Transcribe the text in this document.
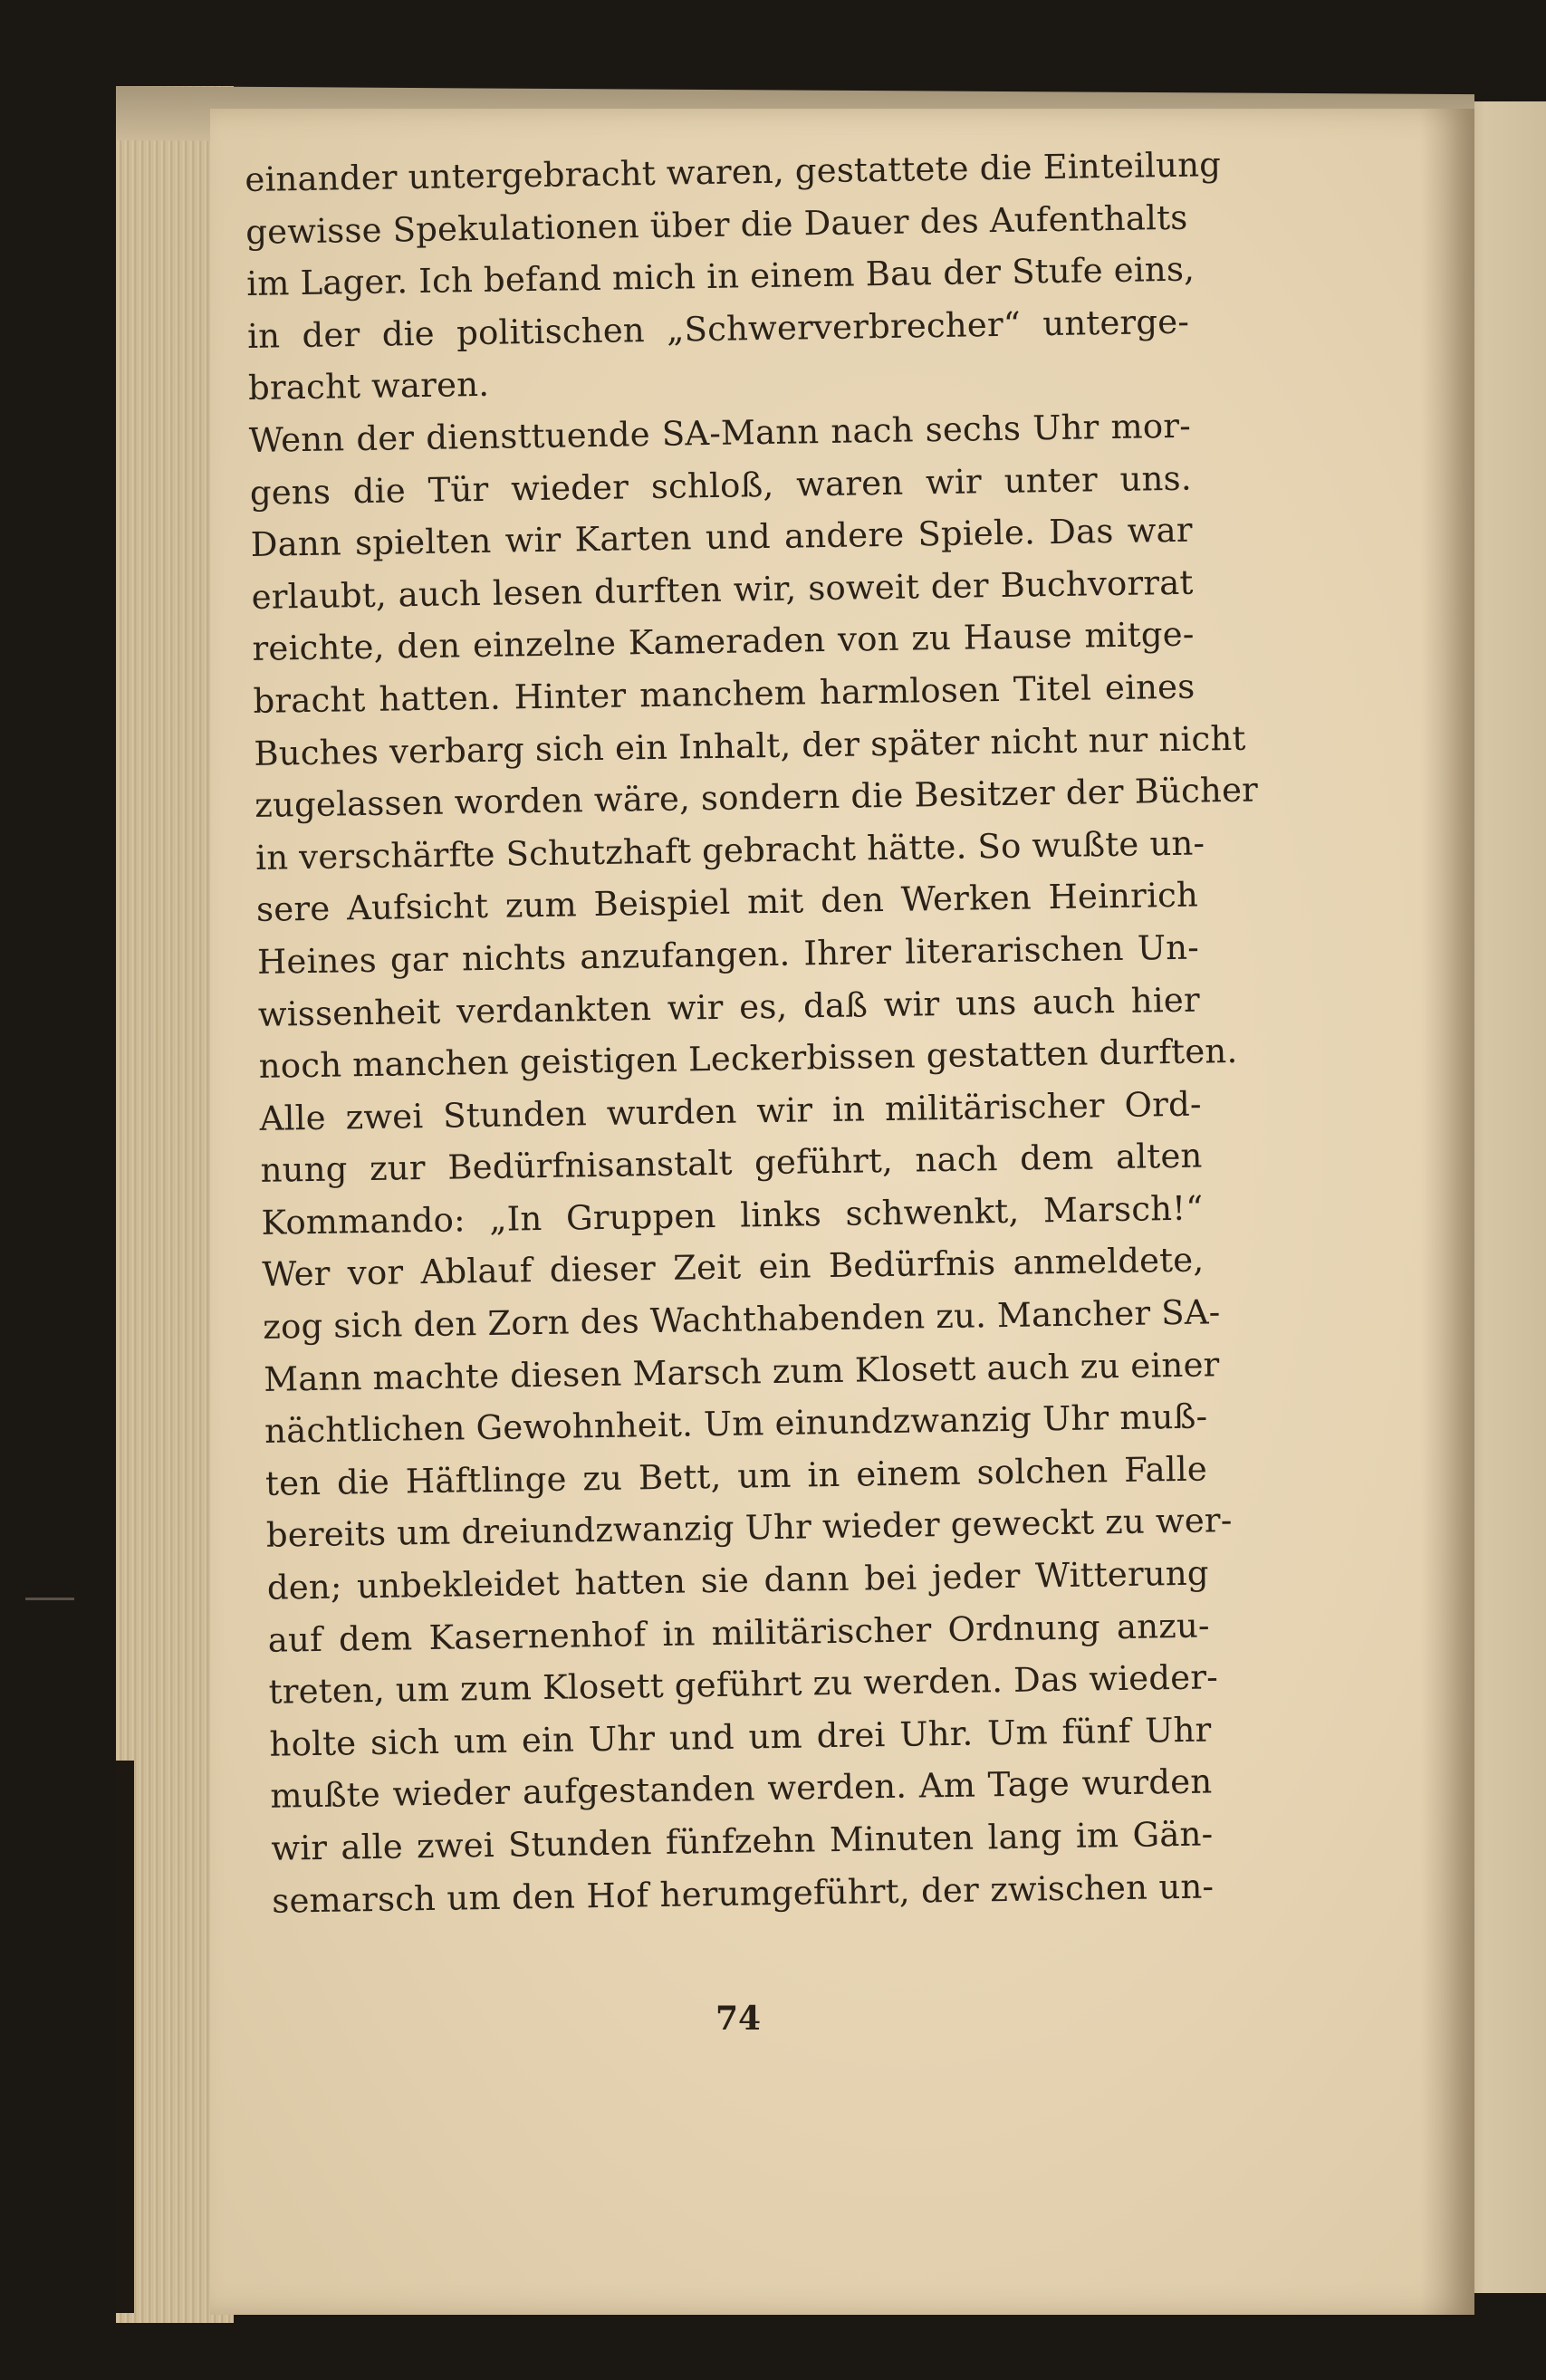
einander untergebracht waren, gestattete die Einteilung
gewisse Spekulationen über die Dauer des Aufenthalts
im Lager. Ich befand mich in einem Bau der Stufe eins,
in der die politischen „Schwerverbrecher“ unterge-
bracht waren.
Wenn der diensttuende SA-Mann nach sechs Uhr mor-
gens die Tür wieder schloß, waren wir unter uns.
Dann spielten wir Karten und andere Spiele. Das war
erlaubt, auch lesen durften wir, soweit der Buchvorrat
reichte, den einzelne Kameraden von zu Hause mitge-
bracht hatten. Hinter manchem harmlosen Titel eines
Buches verbarg sich ein Inhalt, der später nicht nur nicht
zugelassen worden wäre, sondern die Besitzer der Bücher
in verschärfte Schutzhaft gebracht hätte. So wußte un-
sere Aufsicht zum Beispiel mit den Werken Heinrich
Heines gar nichts anzufangen. Ihrer literarischen Un-
wissenheit verdankten wir es, daß wir uns auch hier
noch manchen geistigen Leckerbissen gestatten durften.
Alle zwei Stunden wurden wir in militärischer Ord-
nung zur Bedürfnisanstalt geführt, nach dem alten
Kommando: „In Gruppen links schwenkt, Marsch!“
Wer vor Ablauf dieser Zeit ein Bedürfnis anmeldete,
zog sich den Zorn des Wachthabenden zu. Mancher SA-
Mann machte diesen Marsch zum Klosett auch zu einer
nächtlichen Gewohnheit. Um einundzwanzig Uhr muß-
ten die Häftlinge zu Bett, um in einem solchen Falle
bereits um dreiundzwanzig Uhr wieder geweckt zu wer-
den; unbekleidet hatten sie dann bei jeder Witterung
auf dem Kasernenhof in militärischer Ordnung anzu-
treten, um zum Klosett geführt zu werden. Das wieder-
holte sich um ein Uhr und um drei Uhr. Um fünf Uhr
mußte wieder aufgestanden werden. Am Tage wurden
wir alle zwei Stunden fünfzehn Minuten lang im Gän-
semarsch um den Hof herumgeführt, der zwischen un-
74
